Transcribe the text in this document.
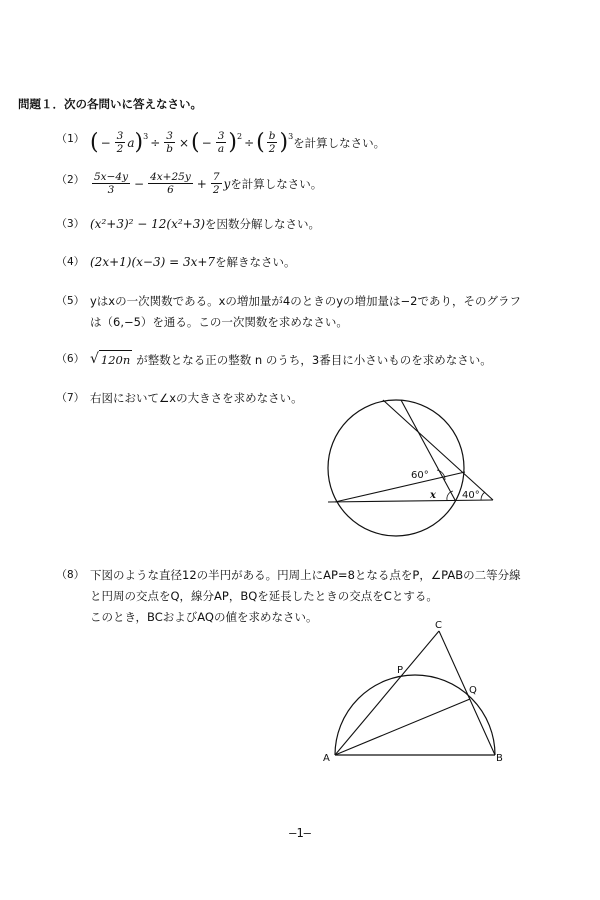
問題１．次の各問いに答えなさい。
（1） ( − $\frac{3}{2}$ a )$^3 \div \frac{3}{b}$ × ( − $\frac{3}{a} )^2$ ÷ ( $\frac{b}{2} )^3$ を計算しなさい。
$(2) \frac{5x-4y}{3} - \frac{4x+25y}{6} + \frac{7}{2}$ y を計算しなさい。
（3） (x²+3)² − 12(x²+3) を因数分解しなさい。
（4） (2x+1)(x−3) = 3x+7 を解きなさい。
（5） yはxの一次関数である。xの増加量が4のときのyの増加量は−2であり，そのグラフ
は（6,−5）を通る。この一次関数を求めなさい。
（6） √ 120n が整数となる正の整数 n のうち，3番目に小さいものを求めなさい。
（7） 右図において∠xの大きさを求めなさい。
60°
x	40°
（8） 下図のような直径12の半円がある。円周上にAP=8となる点をP，∠PABの二等分線
と円周の交点をQ，線分AP，BQを延長したときの交点をCとする。
このとき，BCおよびAQの値を求めなさい。
C
P
Q
A	B
—1—
